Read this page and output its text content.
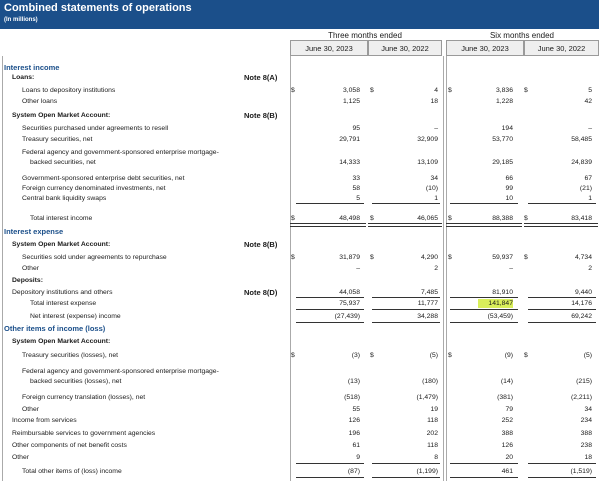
Combined statements of operations
(In millions)
Three months ended	Six months ended
June 30, 2023	June 30, 2022	June 30, 2023	June 30, 2022
Interest income
Loans:	Note 8(A)
Loans to depository institutions	$	3,058 $	4 $	3,836 $	5
Other loans	1,125	18	1,228	42
System Open Market Account:	Note 8(B)
Securities purchased under agreements to resell	95	–	194	–
Treasury securities, net	29,791	32,909	53,770	58,485
Federal agency and government-sponsored enterprise mortgage-
backed securities, net	14,333	13,109	29,185	24,839
Government-sponsored enterprise debt securities, net	33	34	66	67
Foreign currency denominated investments, net	58	(10)	99	(21)
Central bank liquidity swaps	5	1	10	1
Total interest income	$	48,498 $	46,065 $	88,388 $	83,418
Interest expense
System Open Market Account:	Note 8(B)
Securities sold under agreements to repurchase	$	31,879 $	4,290 $	59,937 $	4,734
Other	–	2	–	2
Deposits:
Depository institutions and others	Note 8(D)	44,058	7,485	81,910	9,440
Total interest expense	75,937	11,777	141,847	14,176
Net interest (expense) income	(27,439)	34,288	(53,459)	69,242
Other items of income (loss)
System Open Market Account:
Treasury securities (losses), net	$	(3) $	(5) $	(9) $	(5)
Federal agency and government-sponsored enterprise mortgage-
backed securities (losses), net	(13)	(180)	(14)	(215)
Foreign currency translation (losses), net	(518)	(1,479)	(381)	(2,211)
Other	55	19	79	34
Income from services	126	118	252	234
Reimbursable services to government agencies	196	202	388	388
Other components of net benefit costs	61	118	126	238
Other	9	8	20	18
Total other items of (loss) income	(87)	(1,199)	461	(1,519)
